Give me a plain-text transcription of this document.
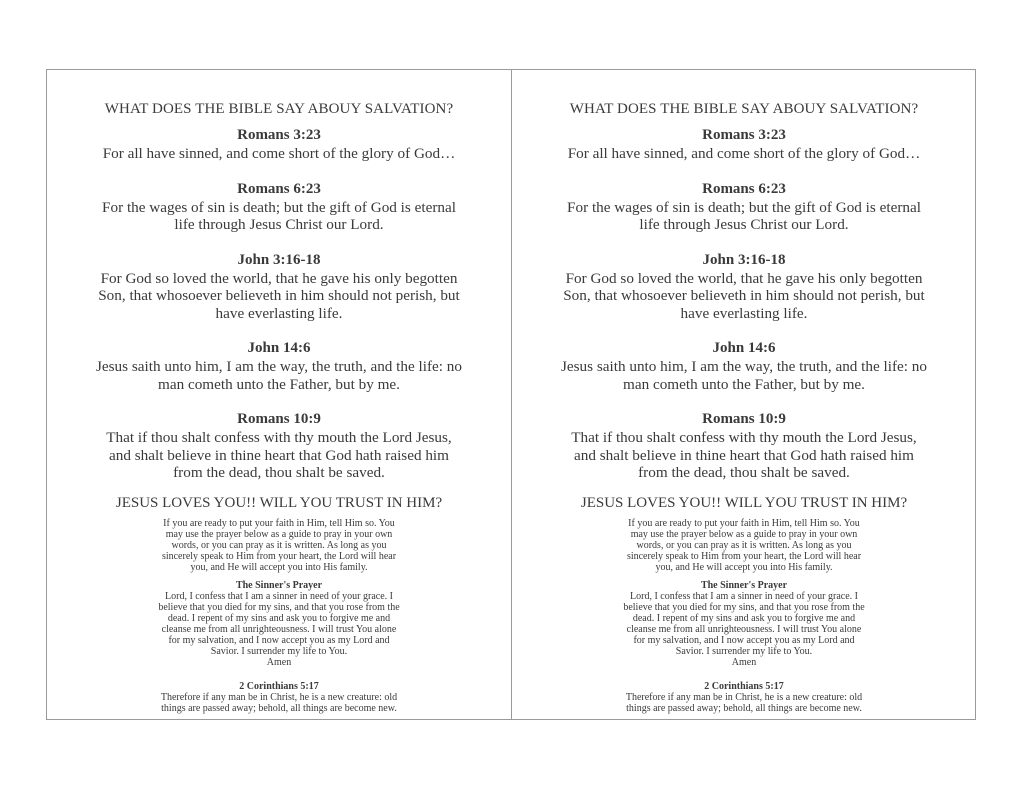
WHAT DOES THE BIBLE SAY ABOUY SALVATION?

Romans 3:23

For all have sinned, and come short of the glory of God…

Romans 6:23

For the wages of sin is death; but the gift of God is eternal

life through Jesus Christ our Lord.

John 3:16-18

For God so loved the world, that he gave his only begotten

Son, that whosoever believeth in him should not perish, but

have everlasting life.

John 14:6

Jesus saith unto him, I am the way, the truth, and the life: no

man cometh unto the Father, but by me.

Romans 10:9

That if thou shalt confess with thy mouth the Lord Jesus,

and shalt believe in thine heart that God hath raised him

from the dead, thou shalt be saved.

JESUS LOVES YOU!! WILL YOU TRUST IN HIM?

If you are ready to put your faith in Him, tell Him so. You

may use the prayer below as a guide to pray in your own

words, or you can pray as it is written. As long as you

sincerely speak to Him from your heart, the Lord will hear

you, and He will accept you into His family.

The Sinner's Prayer

Lord, I confess that I am a sinner in need of your grace. I

believe that you died for my sins, and that you rose from the

dead. I repent of my sins and ask you to forgive me and

cleanse me from all unrighteousness. I will trust You alone

for my salvation, and I now accept you as my Lord and

Savior. I surrender my life to You.

Amen

2 Corinthians 5:17

Therefore if any man be in Christ, he is a new creature: old

things are passed away; behold, all things are become new.

WHAT DOES THE BIBLE SAY ABOUY SALVATION?

Romans 3:23

For all have sinned, and come short of the glory of God…

Romans 6:23

For the wages of sin is death; but the gift of God is eternal

life through Jesus Christ our Lord.

John 3:16-18

For God so loved the world, that he gave his only begotten

Son, that whosoever believeth in him should not perish, but

have everlasting life.

John 14:6

Jesus saith unto him, I am the way, the truth, and the life: no

man cometh unto the Father, but by me.

Romans 10:9

That if thou shalt confess with thy mouth the Lord Jesus,

and shalt believe in thine heart that God hath raised him

from the dead, thou shalt be saved.

JESUS LOVES YOU!! WILL YOU TRUST IN HIM?

If you are ready to put your faith in Him, tell Him so. You

may use the prayer below as a guide to pray in your own

words, or you can pray as it is written. As long as you

sincerely speak to Him from your heart, the Lord will hear

you, and He will accept you into His family.

The Sinner's Prayer

Lord, I confess that I am a sinner in need of your grace. I

believe that you died for my sins, and that you rose from the

dead. I repent of my sins and ask you to forgive me and

cleanse me from all unrighteousness. I will trust You alone

for my salvation, and I now accept you as my Lord and

Savior. I surrender my life to You.

Amen

2 Corinthians 5:17

Therefore if any man be in Christ, he is a new creature: old

things are passed away; behold, all things are become new.
